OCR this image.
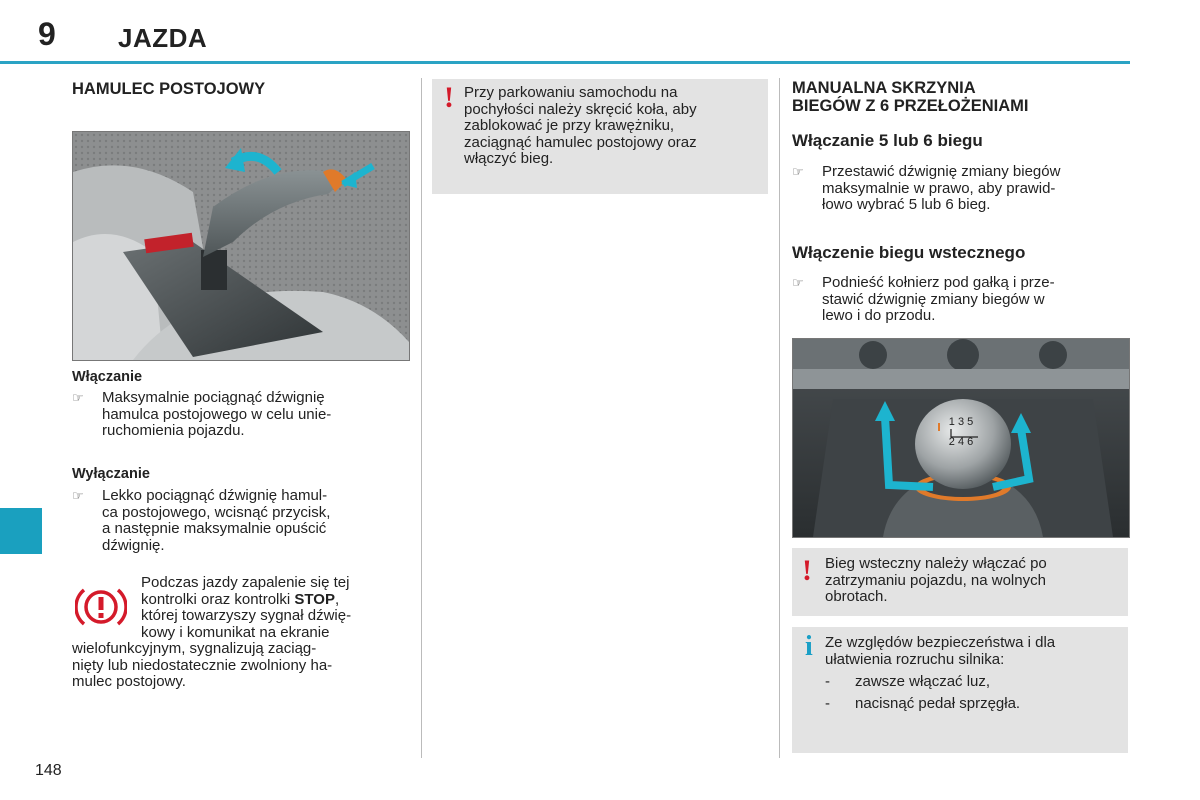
9 JAZDA
HAMULEC POSTOJOWY
Włączanie
☞ Maksymalnie pociągnąć dźwignię
hamulca postojowego w celu unie-
ruchomienia pojazdu.
Wyłączanie
☞ Lekko pociągnąć dźwignię hamul-
ca postojowego, wcisnąć przycisk,
a następnie maksymalnie opuścić
dźwignię.
Podczas jazdy zapalenie się tej
kontrolki oraz kontrolki STOP,
której towarzyszy sygnał dźwię-
kowy i komunikat na ekranie
wielofunkcyjnym, sygnalizują zaciąg-
nięty lub niedostatecznie zwolniony ha-
mulec postojowy.
! Przy parkowaniu samochodu na
pochyłości należy skręcić koła, aby
zablokować je przy krawężniku,
zaciągnąć hamulec postojowy oraz
włączyć bieg.
MANUALNA SKRZYNIA
BIEGÓW Z 6 PRZEŁOŻENIAMI
Włączanie 5 lub 6 biegu
☞ Przestawić dźwignię zmiany biegów
maksymalnie w prawo, aby prawid-
łowo wybrać 5 lub 6 bieg.
Włączenie biegu wstecznego
☞ Podnieść kołnierz pod gałką i prze-
stawić dźwignię zmiany biegów w
lewo i do przodu.
1 3 5
2 4 6
! Bieg wsteczny należy włączać po
zatrzymaniu pojazdu, na wolnych
obrotach.
i Ze względów bezpieczeństwa i dla
ułatwienia rozruchu silnika:
- zawsze włączać luz,
- nacisnąć pedał sprzęgła.
148
